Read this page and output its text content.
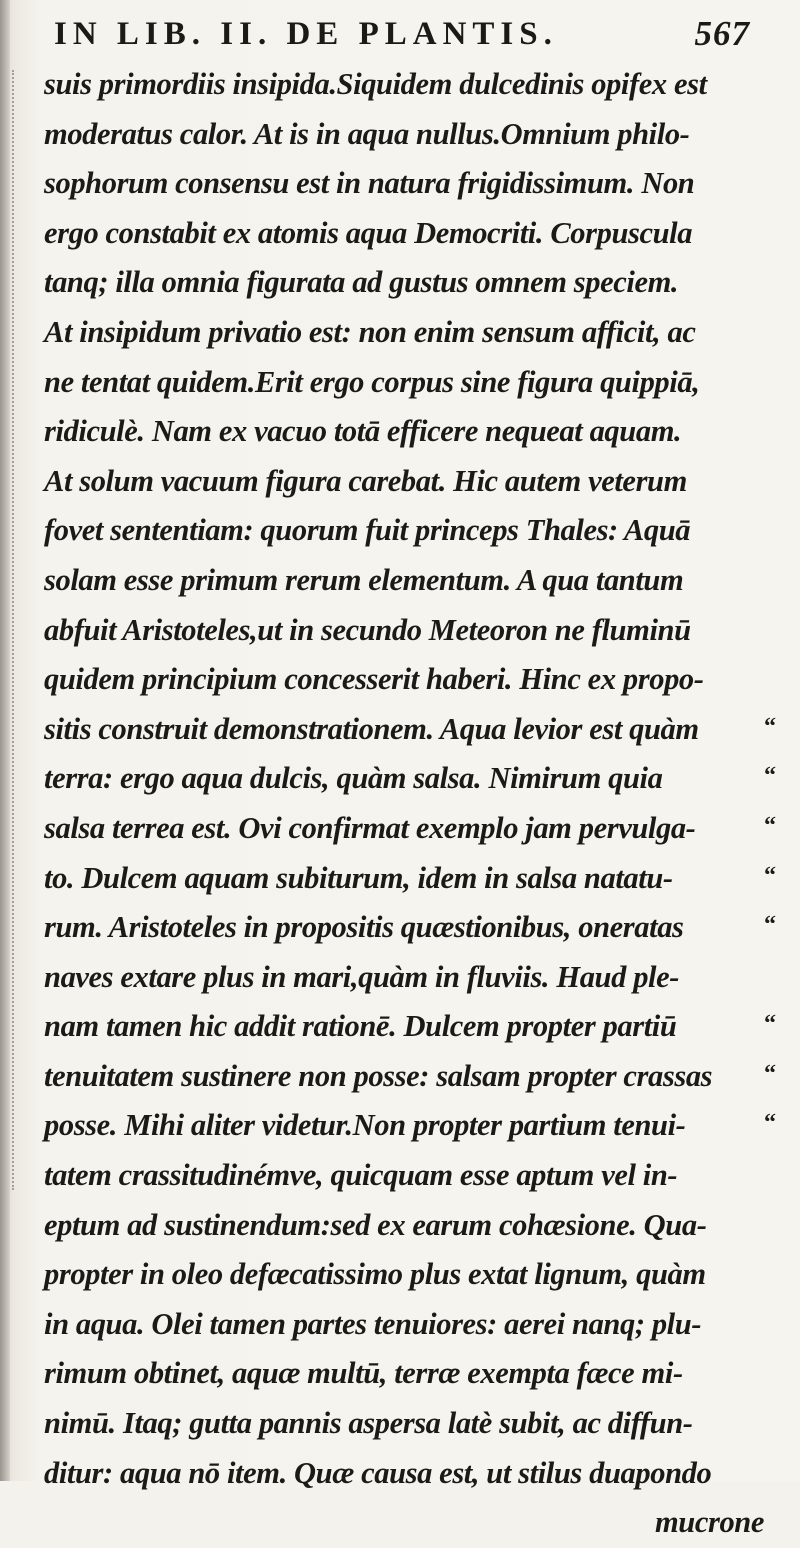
IN LIB. II. DE PLANTIS.	567
suis primordiis insipida.Siquidem dulcedinis opifex est
moderatus calor. At is in aqua nullus.Omnium philo-
sophorum consensu est in natura frigidissimum. Non
ergo constabit ex atomis aqua Democriti. Corpuscula
tanq; illa omnia figurata ad gustus omnem speciem.
At insipidum privatio est: non enim sensum afficit, ac
ne tentat quidem.Erit ergo corpus sine figura quippiā,
ridiculè. Nam ex vacuo totā efficere nequeat aquam.
At solum vacuum figura carebat. Hic autem veterum
fovet sententiam: quorum fuit princeps Thales: Aquā
solam esse primum rerum elementum. A qua tantum
abfuit Aristoteles,ut in secundo Meteoron ne fluminū
quidem principium concesserit haberi. Hinc ex propo-
sitis construit demonstrationem. Aqua levior est quàm	“
terra: ergo aqua dulcis, quàm salsa. Nimirum quia	“
salsa terrea est. Ovi confirmat exemplo jam pervulga-	“
to. Dulcem aquam subiturum, idem in salsa natatu-	“
rum. Aristoteles in propositis quæstionibus, oneratas	“
naves extare plus in mari,quàm in fluviis. Haud ple-
nam tamen hic addit rationē. Dulcem propter partiū	“
tenuitatem sustinere non posse: salsam propter crassas “
posse. Mihi aliter videtur.Non propter partium tenui-	“
tatem crassitudinémve, quicquam esse aptum vel in-
eptum ad sustinendum:sed ex earum cohæsione. Qua-
propter in oleo defæcatissimo plus extat lignum, quàm
in aqua. Olei tamen partes tenuiores: aerei nanq; plu-
rimum obtinet, aquæ multū, terræ exempta fæce mi-
nimū. Itaq; gutta pannis aspersa latè subit, ac diffun-
ditur: aqua nō item. Quæ causa est, ut stilus duapondo
mucrone
